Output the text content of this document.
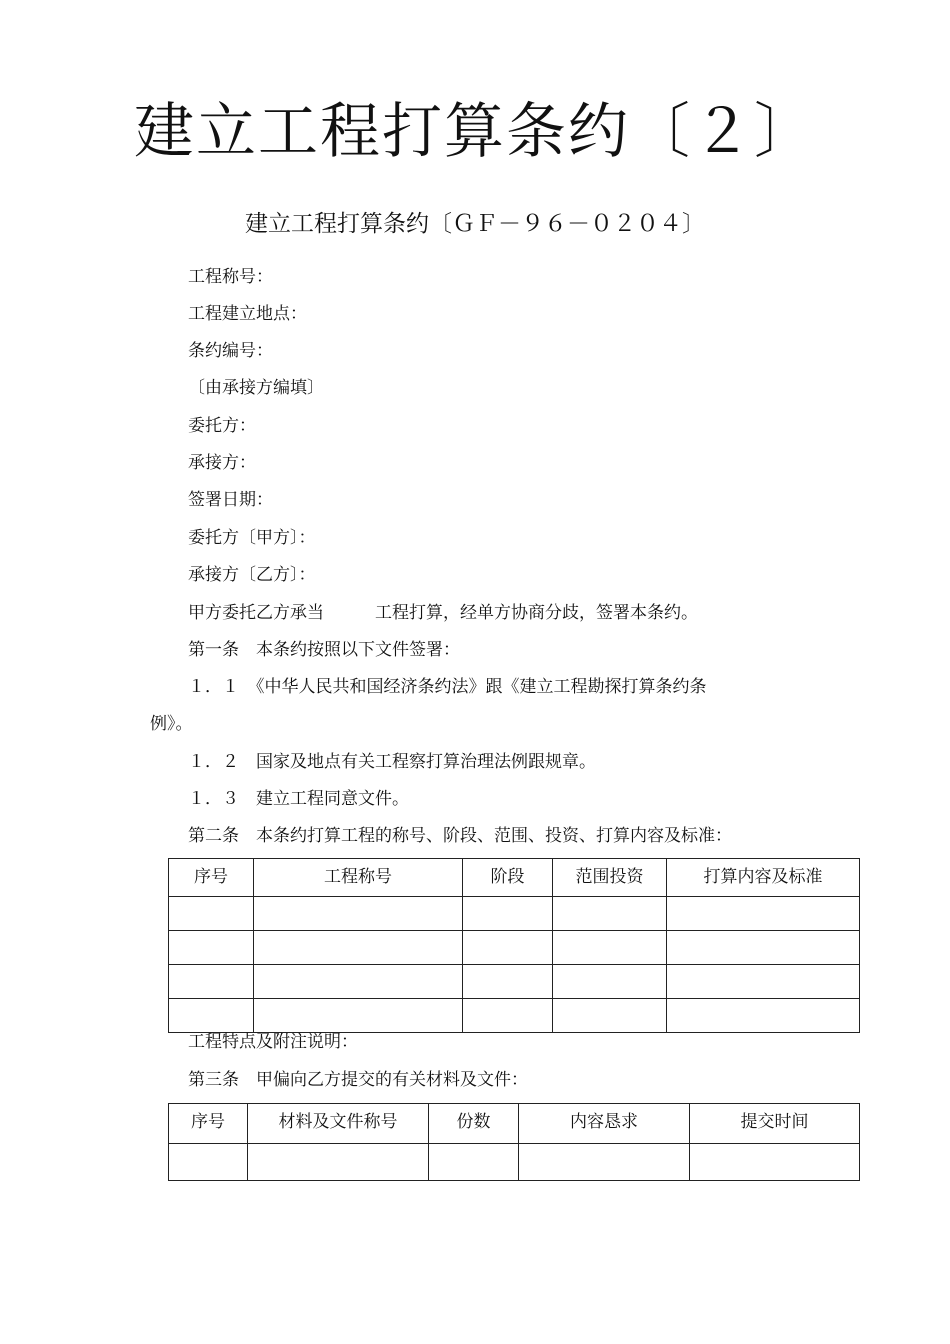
建立工程打算条约〔２〕
建立工程打算条约〔ＧＦ－９６－０２０４〕
工程称号：
工程建立地点：
条约编号：
〔由承接方编填〕
委托方：
承接方：
签署日期：
委托方〔甲方〕：
承接方〔乙方〕：
甲方委托乙方承当　　　工程打算，经单方协商分歧，签署本条约。
第一条　本条约按照以下文件签署：
１．１　《中华人民共和国经济条约法》跟《建立工程勘探打算条约条
例》。
１．２　国家及地点有关工程察打算治理法例跟规章。
１．３　建立工程同意文件。
第二条　本条约打算工程的称号、阶段、范围、投资、打算内容及标准：
序号	工程称号	阶段	范围投资	打算内容及标准

工程特点及附注说明：
第三条　甲偏向乙方提交的有关材料及文件：
序号	材料及文件称号	份数	内容恳求	提交时间
